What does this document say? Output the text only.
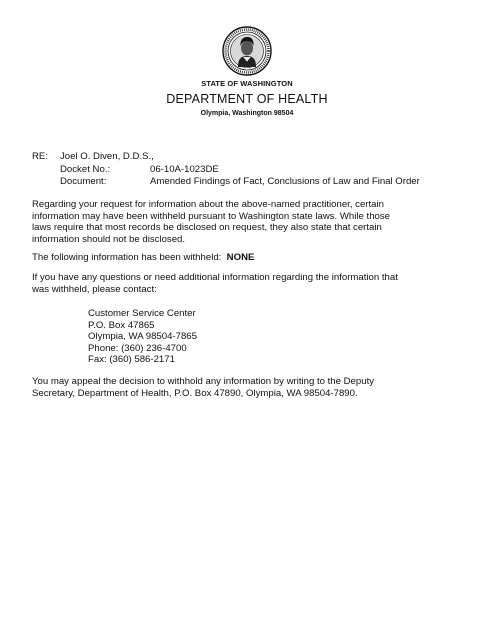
STATE OF WASHINGTON
DEPARTMENT OF HEALTH
Olympia, Washington 98504
RE: Joel O. Diven, D.D.S.,
Docket No.:	06-10A-1023DE
Document:	Amended Findings of Fact, Conclusions of Law and Final Order
Regarding your request for information about the above-named practitioner, certain
information may have been withheld pursuant to Washington state laws. While those
laws require that most records be disclosed on request, they also state that certain
information should not be disclosed.
The following information has been withheld: NONE
If you have any questions or need additional information regarding the information that
was withheld, please contact:
Customer Service Center
P.O. Box 47865
Olympia, WA 98504-7865
Phone: (360) 236-4700
Fax: (360) 586-2171
You may appeal the decision to withhold any information by writing to the Deputy
Secretary, Department of Health, P.O. Box 47890, Olympia, WA 98504-7890.
